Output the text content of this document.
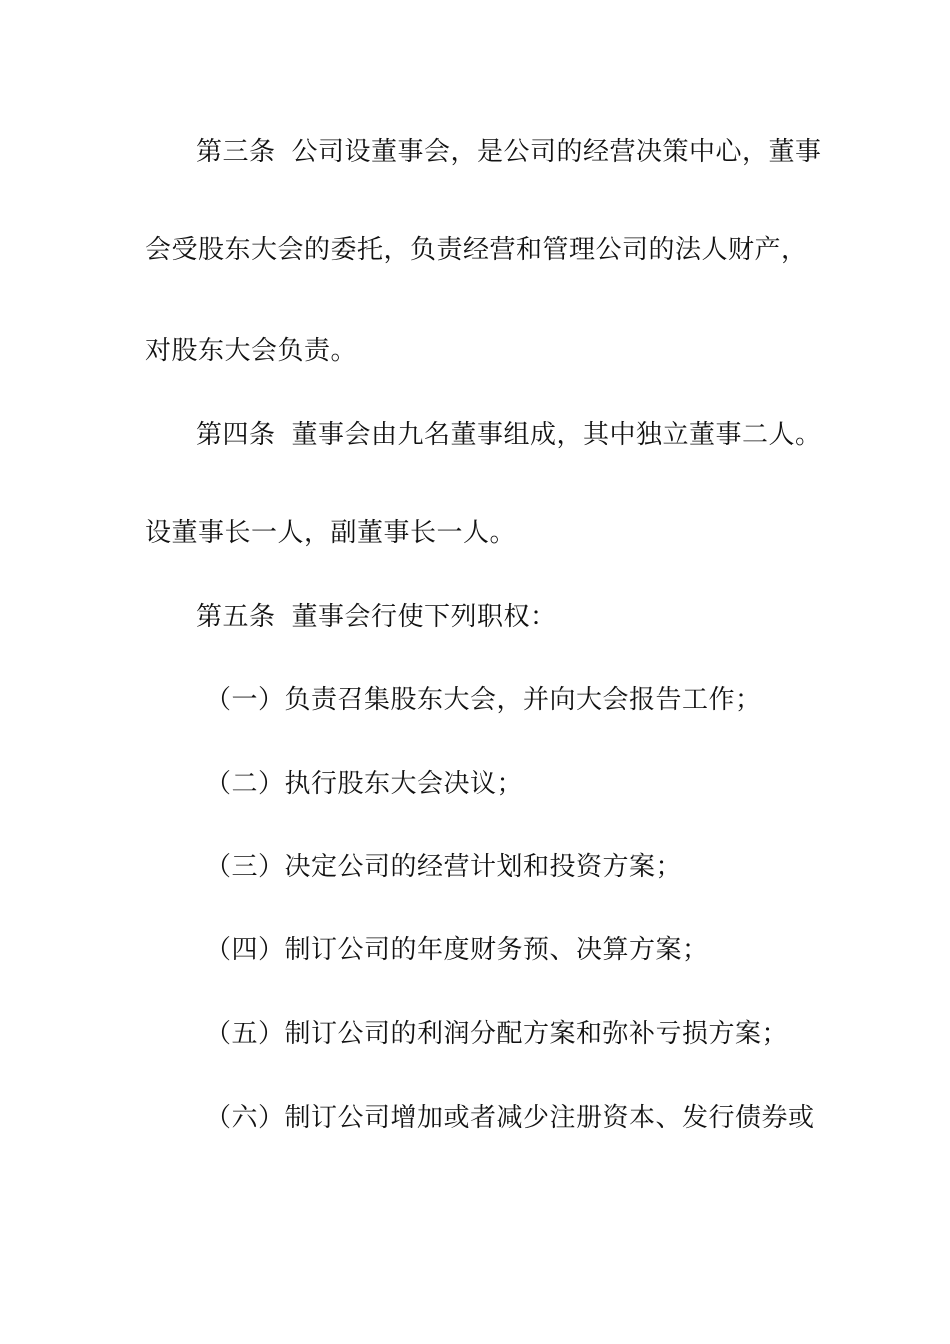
第三条 公司设董事会，是公司的经营决策中心，董事
会受股东大会的委托，负责经营和管理公司的法人财产，
对股东大会负责。
第四条 董事会由九名董事组成，其中独立董事二人。
设董事长一人，副董事长一人。
第五条 董事会行使下列职权：
（一）负责召集股东大会，并向大会报告工作；
（二）执行股东大会决议；
（三）决定公司的经营计划和投资方案；
（四）制订公司的年度财务预、决算方案；
（五）制订公司的利润分配方案和弥补亏损方案；
（六）制订公司增加或者减少注册资本、发行债券或
